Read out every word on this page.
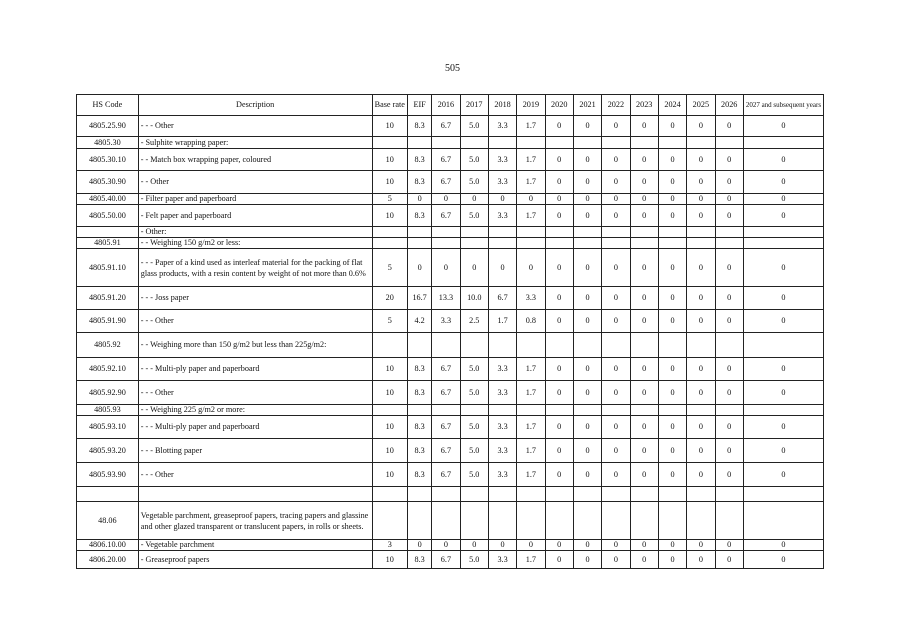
505
HS Code	Description	Base rate	EIF	2016	2017	2018	2019	2020	2021	2022	2023	2024	2025	2026	2027 and subsequent years
4805.25.90	- - - Other	10	8.3	6.7	5.0	3.3	1.7	0	0	0	0	0	0	0	0
4805.30	- Sulphite wrapping paper:														
4805.30.10	- - Match box wrapping paper, coloured	10	8.3	6.7	5.0	3.3	1.7	0	0	0	0	0	0	0	0
4805.30.90	- - Other	10	8.3	6.7	5.0	3.3	1.7	0	0	0	0	0	0	0	0
4805.40.00	- Filter paper and paperboard	5	0	0	0	0	0	0	0	0	0	0	0	0	0
4805.50.00	- Felt paper and paperboard	10	8.3	6.7	5.0	3.3	1.7	0	0	0	0	0	0	0	0
	- Other:														
4805.91	- - Weighing 150 g/m2 or less:														
4805.91.10	- - - Paper of a kind used as interleaf material for the packing of flat glass products, with a resin content by weight of not more than 0.6%	5	0	0	0	0	0	0	0	0	0	0	0	0	0
4805.91.20	- - - Joss paper	20	16.7	13.3	10.0	6.7	3.3	0	0	0	0	0	0	0	0
4805.91.90	- - - Other	5	4.2	3.3	2.5	1.7	0.8	0	0	0	0	0	0	0	0
4805.92	- - Weighing more than 150 g/m2 but less than 225g/m2:														
4805.92.10	- - - Multi-ply paper and paperboard	10	8.3	6.7	5.0	3.3	1.7	0	0	0	0	0	0	0	0
4805.92.90	- - - Other	10	8.3	6.7	5.0	3.3	1.7	0	0	0	0	0	0	0	0
4805.93	- - Weighing 225 g/m2 or more:														
4805.93.10	- - - Multi-ply paper and paperboard	10	8.3	6.7	5.0	3.3	1.7	0	0	0	0	0	0	0	0
4805.93.20	- - - Blotting paper	10	8.3	6.7	5.0	3.3	1.7	0	0	0	0	0	0	0	0
4805.93.90	- - - Other	10	8.3	6.7	5.0	3.3	1.7	0	0	0	0	0	0	0	0

48.06	Vegetable parchment, greaseproof papers, tracing papers and glassine and other glazed transparent or translucent papers, in rolls or sheets.														
4806.10.00	- Vegetable parchment	3	0	0	0	0	0	0	0	0	0	0	0	0	0
4806.20.00	- Greaseproof papers	10	8.3	6.7	5.0	3.3	1.7	0	0	0	0	0	0	0	0
